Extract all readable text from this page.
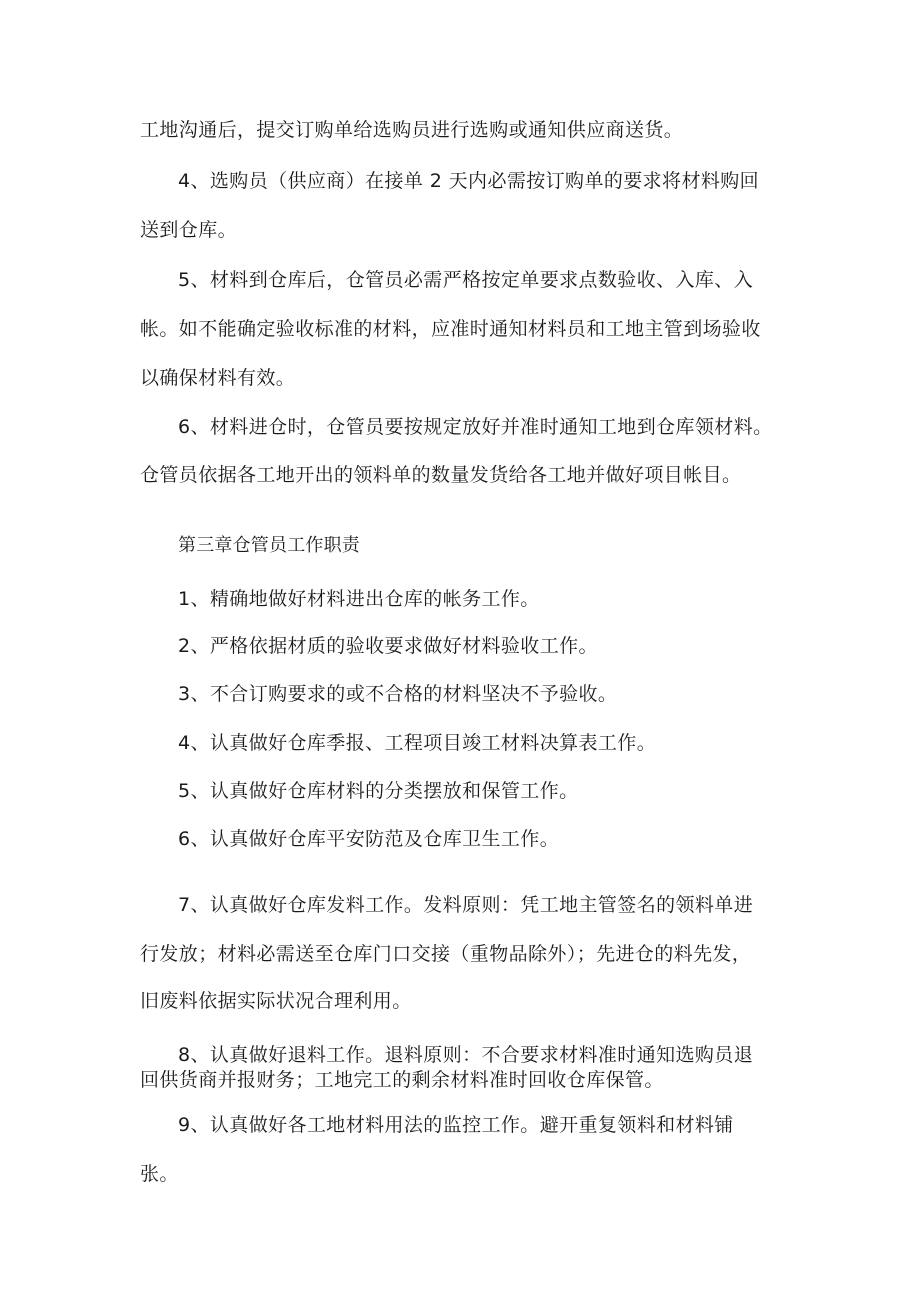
工地沟通后，提交订购单给选购员进行选购或通知供应商送货。
4、选购员（供应商）在接单 2 天内必需按订购单的要求将材料购回
送到仓库。
5、材料到仓库后，仓管员必需严格按定单要求点数验收、入库、入
帐。如不能确定验收标准的材料，应准时通知材料员和工地主管到场验收
以确保材料有效。
6、材料进仓时，仓管员要按规定放好并准时通知工地到仓库领材料。
仓管员依据各工地开出的领料单的数量发货给各工地并做好项目帐目。
第三章仓管员工作职责
1、精确地做好材料进出仓库的帐务工作。
2、严格依据材质的验收要求做好材料验收工作。
3、不合订购要求的或不合格的材料坚决不予验收。
4、认真做好仓库季报、工程项目竣工材料决算表工作。
5、认真做好仓库材料的分类摆放和保管工作。
6、认真做好仓库平安防范及仓库卫生工作。
7、认真做好仓库发料工作。发料原则：凭工地主管签名的领料单进
行发放；材料必需送至仓库门口交接（重物品除外）；先进仓的料先发，
旧废料依据实际状况合理利用。
8、认真做好退料工作。退料原则：不合要求材料准时通知选购员退
回供货商并报财务；工地完工的剩余材料准时回收仓库保管。
9、认真做好各工地材料用法的监控工作。避开重复领料和材料铺
张。
